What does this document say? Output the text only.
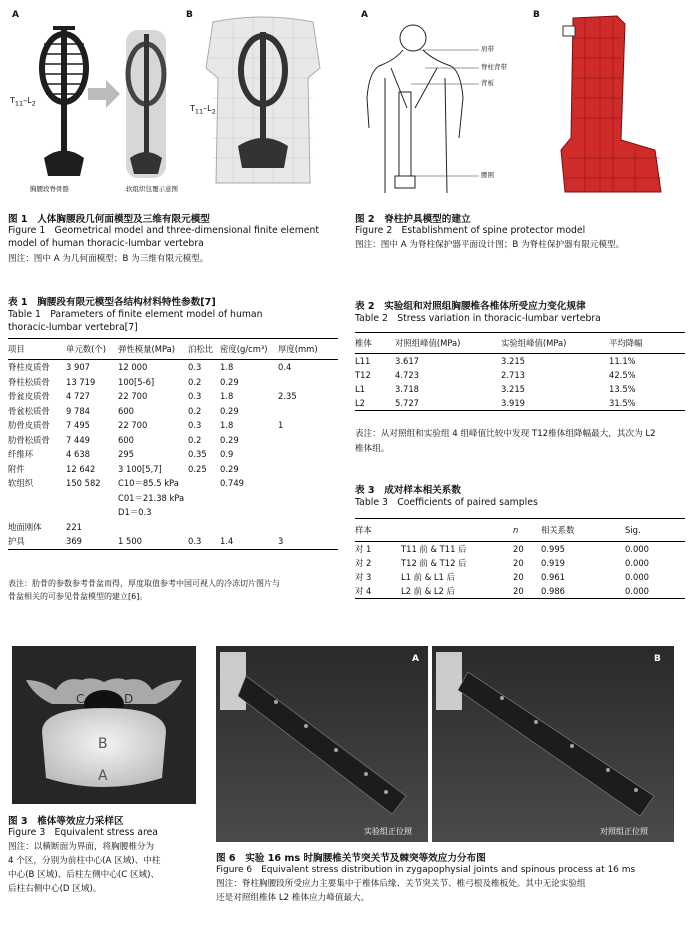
A	B
$T_{11}-L_2$
$T_{11}-L_2$
胸腰段脊骨骼	软组织包覆示意图
图 1　人体胸腰段几何面模型及三维有限元模型
Figure 1　Geometrical model and three-dimensional finite element
model of human thoracic-lumbar vertebra
图注：图中 A 为几何面模型；B 为三维有限元模型。
A	B
肩带
脊柱背带
背板
腰围
图 2　脊柱护具模型的建立
Figure 2　Establishment of spine protector model
图注：图中 A 为脊柱保护器平面设计图；B 为脊柱保护器有限元模型。
表 1　胸腰段有限元模型各结构材料特性参数[7]
Table 1　Parameters of finite element model of human
thoracic-lumbar vertebra[7]
项目	单元数(个)	弹性模量(MPa)	泊松比	密度(g/cm³)	厚度(mm)
脊柱皮质骨	3 907	12 000	0.3	1.8	0.4
脊柱松质骨	13 719	100[5-6]	0.2	0.29	
骨盆皮质骨	4 727	22 700	0.3	1.8	2.35
骨盆松质骨	9 784	600	0.2	0.29	
肋骨皮质骨	7 495	22 700	0.3	1.8	1
肋骨松质骨	7 449	600	0.2	0.29	
纤维环	4 638	295	0.35	0.9	
附件	12 642	3 100[5,7]	0.25	0.29	
软组织	150 582	C10＝85.5 kPa		0.749	
		C01＝21.38 kPa			
		D1＝0.3			
地面刚体	221				
护具	369	1 500	0.3	1.4	3
表注：肋骨的参数参考骨盆而得，厚度取值参考中国可视人的冷冻切片图片与
骨盆相关的可参见骨盆模型的建立[6]。
表 2　实验组和对照组胸腰椎各椎体所受应力变化规律
Table 2　Stress variation in thoracic-lumbar vertebra
椎体	对照组峰值(MPa)	实验组峰值(MPa)	平均降幅
L11	3.617	3.215	11.1%
T12	4.723	2.713	42.5%
L1	3.718	3.215	13.5%
L2	5.727	3.919	31.5%
表注：从对照组和实验组 4 组峰值比较中发现 T12椎体组降幅最大，其次为 L2
椎体组。
表 3　成对样本相关系数
Table 3　Coefficients of paired samples
样本		n	相关系数	Sig.
对 1	T11 前 & T11 后	20	0.995	0.000
对 2	T12 前 & T12 后	20	0.919	0.000
对 3	L1 前 & L1 后	20	0.961	0.000
对 4	L2 前 & L2 后	20	0.986	0.000
C	D
B
A
图 3　椎体等效应力采样区
Figure 3　Equivalent stress area
图注：以横断面为界面，将胸腰椎分为
4 个区，分别为前柱中心(A 区域)、中柱
中心(B 区域)、后柱左侧中心(C 区域)、
后柱右侧中心(D 区域)。
A
实验组正位照
B
对照组正位照
图 6　实验 16 ms 时胸腰椎关节突关节及棘突等效应力分布图
Figure 6　Equivalent stress distribution in zygapophysial joints and spinous process at 16 ms
图注：脊柱胸腰段所受应力主要集中于椎体后缘、关节突关节、椎弓根及椎板处。其中无论实验组
还是对照组椎体 L2 椎体应力峰值最大。
